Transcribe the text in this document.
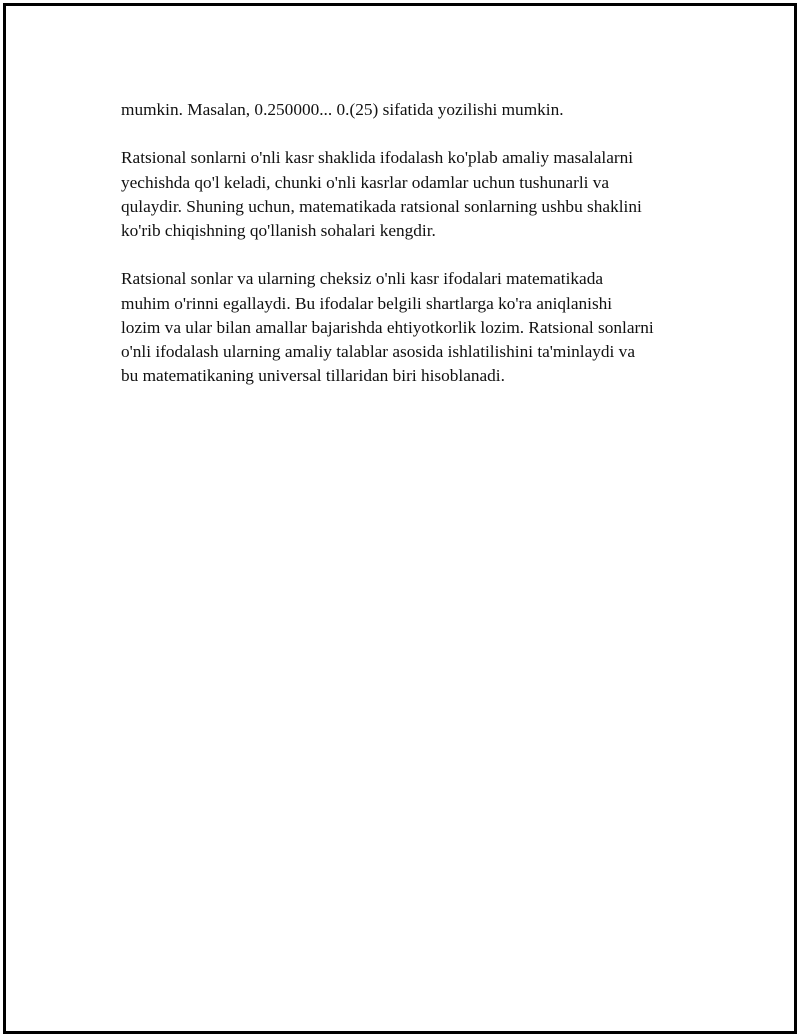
mumkin. Masalan, 0.250000... 0.(25) sifatida yozilishi mumkin.

Ratsional sonlarni o'nli kasr shaklida ifodalash ko'plab amaliy masalalarni
yechishda qo'l keladi, chunki o'nli kasrlar odamlar uchun tushunarli va
qulaydir. Shuning uchun, matematikada ratsional sonlarning ushbu shaklini
ko'rib chiqishning qo'llanish sohalari kengdir.

Ratsional sonlar va ularning cheksiz o'nli kasr ifodalari matematikada
muhim o'rinni egallaydi. Bu ifodalar belgili shartlarga ko'ra aniqlanishi
lozim va ular bilan amallar bajarishda ehtiyotkorlik lozim. Ratsional sonlarni
o'nli ifodalash ularning amaliy talablar asosida ishlatilishini ta'minlaydi va
bu matematikaning universal tillaridan biri hisoblanadi.
